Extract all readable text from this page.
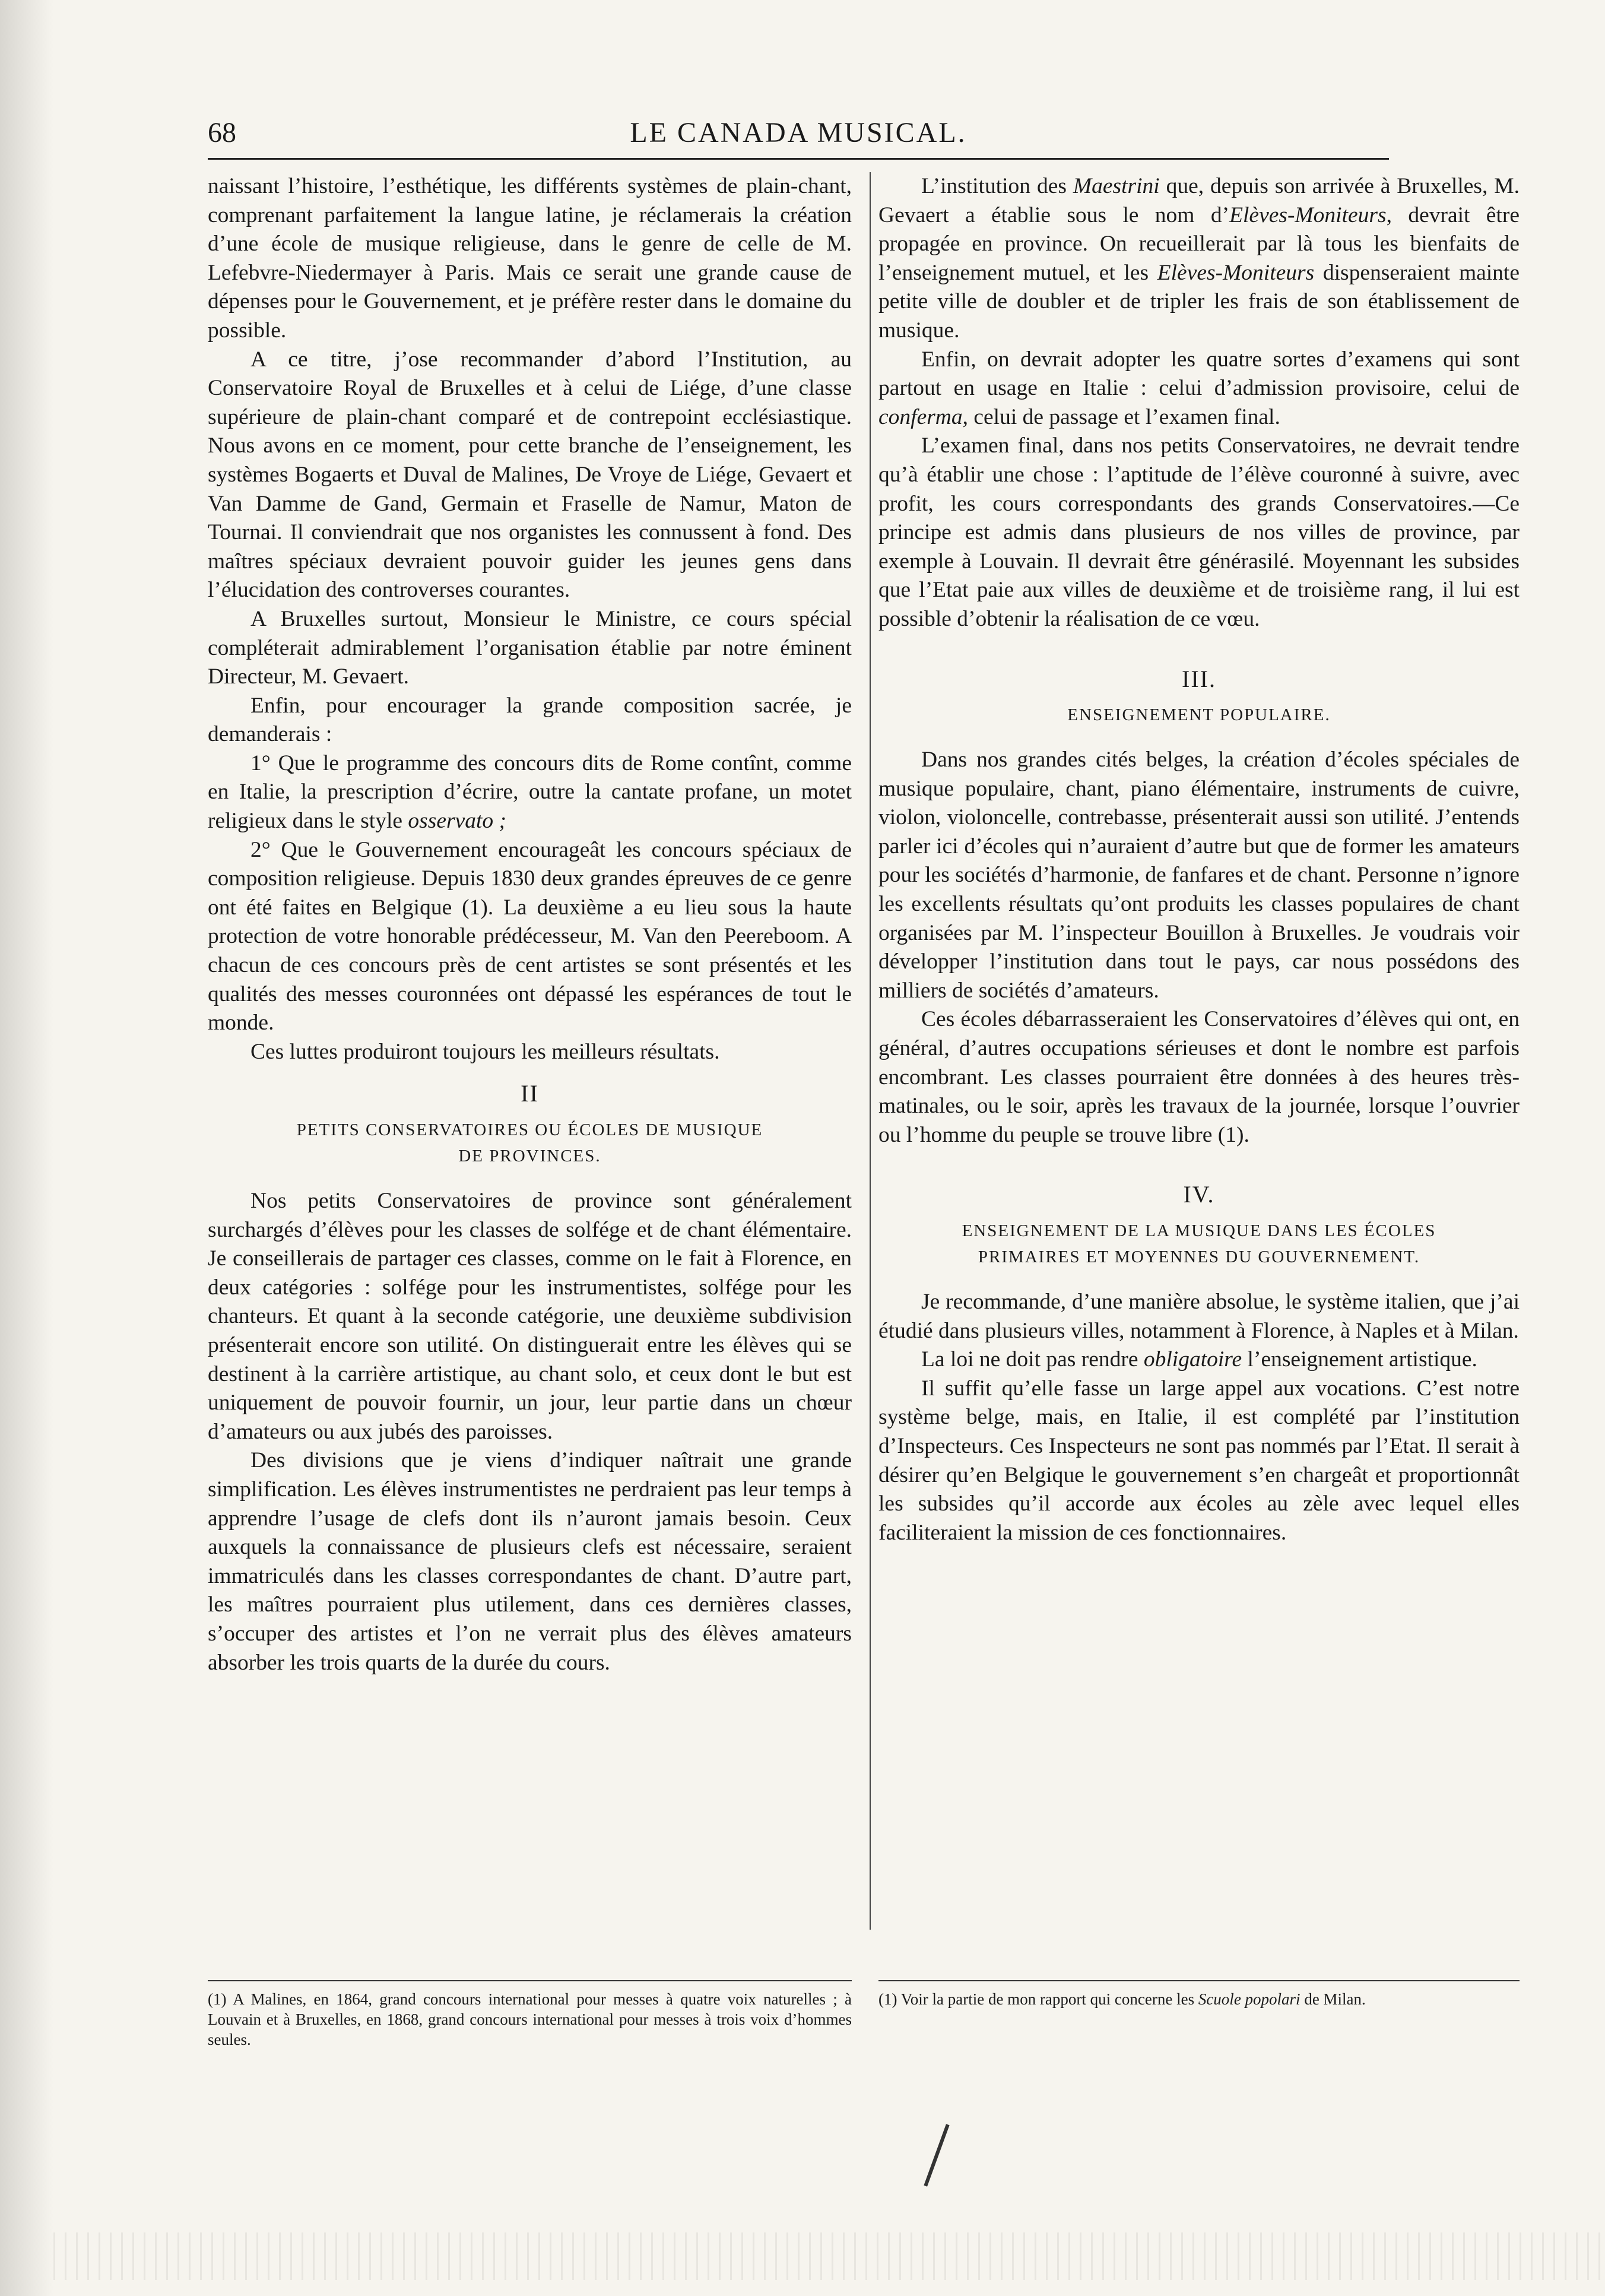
68	LE CANADA MUSICAL.

naissant l’histoire, l’esthétique, les différents systèmes de plain-chant, comprenant parfaitement la langue latine, je réclamerais la création d’une école de musique religieuse, dans le genre de celle de M. Lefebvre-Niedermayer à Paris. Mais ce serait une grande cause de dépenses pour le Gouvernement, et je préfère rester dans le domaine du possible.

A ce titre, j’ose recommander d’abord l’Institution, au Conservatoire Royal de Bruxelles et à celui de Liége, d’une classe supérieure de plain-chant comparé et de contrepoint ecclésiastique. Nous avons en ce moment, pour cette branche de l’enseignement, les systèmes Bogaerts et Duval de Malines, De Vroye de Liége, Gevaert et Van Damme de Gand, Germain et Fraselle de Namur, Maton de Tournai. Il conviendrait que nos organistes les connussent à fond. Des maîtres spéciaux devraient pouvoir guider les jeunes gens dans l’élucidation des controverses courantes.

A Bruxelles surtout, Monsieur le Ministre, ce cours spécial compléterait admirablement l’organisation établie par notre éminent Directeur, M. Gevaert.

Enfin, pour encourager la grande composition sacrée, je demanderais :

1° Que le programme des concours dits de Rome contînt, comme en Italie, la prescription d’écrire, outre la cantate profane, un motet religieux dans le style osservato ;

2° Que le Gouvernement encourageât les concours spéciaux de composition religieuse. Depuis 1830 deux grandes épreuves de ce genre ont été faites en Belgique (1). La deuxième a eu lieu sous la haute protection de votre honorable prédécesseur, M. Van den Peereboom. A chacun de ces concours près de cent artistes se sont présentés et les qualités des messes couronnées ont dépassé les espérances de tout le monde.

Ces luttes produiront toujours les meilleurs résultats.

II

PETITS CONSERVATOIRES OU ÉCOLES DE MUSIQUE
DE PROVINCES.

Nos petits Conservatoires de province sont généralement surchargés d’élèves pour les classes de solfége et de chant élémentaire. Je conseillerais de partager ces classes, comme on le fait à Florence, en deux catégories : solfége pour les instrumentistes, solfége pour les chanteurs. Et quant à la seconde catégorie, une deuxième subdivision présenterait encore son utilité. On distinguerait entre les élèves qui se destinent à la carrière artistique, au chant solo, et ceux dont le but est uniquement de pouvoir fournir, un jour, leur partie dans un chœur d’amateurs ou aux jubés des paroisses.

Des divisions que je viens d’indiquer naîtrait une grande simplification. Les élèves instrumentistes ne perdraient pas leur temps à apprendre l’usage de clefs dont ils n’auront jamais besoin. Ceux auxquels la connaissance de plusieurs clefs est nécessaire, seraient immatriculés dans les classes correspondantes de chant. D’autre part, les maîtres pourraient plus utilement, dans ces dernières classes, s’occuper des artistes et l’on ne verrait plus des élèves amateurs absorber les trois quarts de la durée du cours.

L’institution des Maestrini que, depuis son arrivée à Bruxelles, M. Gevaert a établie sous le nom d’Elèves-Moniteurs, devrait être propagée en province. On recueillerait par là tous les bienfaits de l’enseignement mutuel, et les Elèves-Moniteurs dispenseraient mainte petite ville de doubler et de tripler les frais de son établissement de musique.

Enfin, on devrait adopter les quatre sortes d’examens qui sont partout en usage en Italie : celui d’admission provisoire, celui de conferma, celui de passage et l’examen final.

L’examen final, dans nos petits Conservatoires, ne devrait tendre qu’à établir une chose : l’aptitude de l’élève couronné à suivre, avec profit, les cours correspondants des grands Conservatoires.—Ce principe est admis dans plusieurs de nos villes de province, par exemple à Louvain. Il devrait être générasilé. Moyennant les subsides que l’Etat paie aux villes de deuxième et de troisième rang, il lui est possible d’obtenir la réalisation de ce vœu.

III.

ENSEIGNEMENT POPULAIRE.

Dans nos grandes cités belges, la création d’écoles spéciales de musique populaire, chant, piano élémentaire, instruments de cuivre, violon, violoncelle, contrebasse, présenterait aussi son utilité. J’entends parler ici d’écoles qui n’auraient d’autre but que de former les amateurs pour les sociétés d’harmonie, de fanfares et de chant. Personne n’ignore les excellents résultats qu’ont produits les classes populaires de chant organisées par M. l’inspecteur Bouillon à Bruxelles. Je voudrais voir développer l’institution dans tout le pays, car nous possédons des milliers de sociétés d’amateurs.

Ces écoles débarrasseraient les Conservatoires d’élèves qui ont, en général, d’autres occupations sérieuses et dont le nombre est parfois encombrant. Les classes pourraient être données à des heures très-matinales, ou le soir, après les travaux de la journée, lorsque l’ouvrier ou l’homme du peuple se trouve libre (1).

IV.

ENSEIGNEMENT DE LA MUSIQUE DANS LES ÉCOLES
PRIMAIRES ET MOYENNES DU GOUVERNEMENT.

Je recommande, d’une manière absolue, le système italien, que j’ai étudié dans plusieurs villes, notamment à Florence, à Naples et à Milan.

La loi ne doit pas rendre obligatoire l’enseignement artistique.

Il suffit qu’elle fasse un large appel aux vocations. C’est notre système belge, mais, en Italie, il est complété par l’institution d’Inspecteurs. Ces Inspecteurs ne sont pas nommés par l’Etat. Il serait à désirer qu’en Belgique le gouvernement s’en chargeât et proportionnât les subsides qu’il accorde aux écoles au zèle avec lequel elles faciliteraient la mission de ces fonctionnaires.

(1) A Malines, en 1864, grand concours international pour messes à quatre voix naturelles ; à Louvain et à Bruxelles, en 1868, grand concours international pour messes à trois voix d’hommes seules.

(1) Voir la partie de mon rapport qui concerne les Scuole popolari de Milan.
